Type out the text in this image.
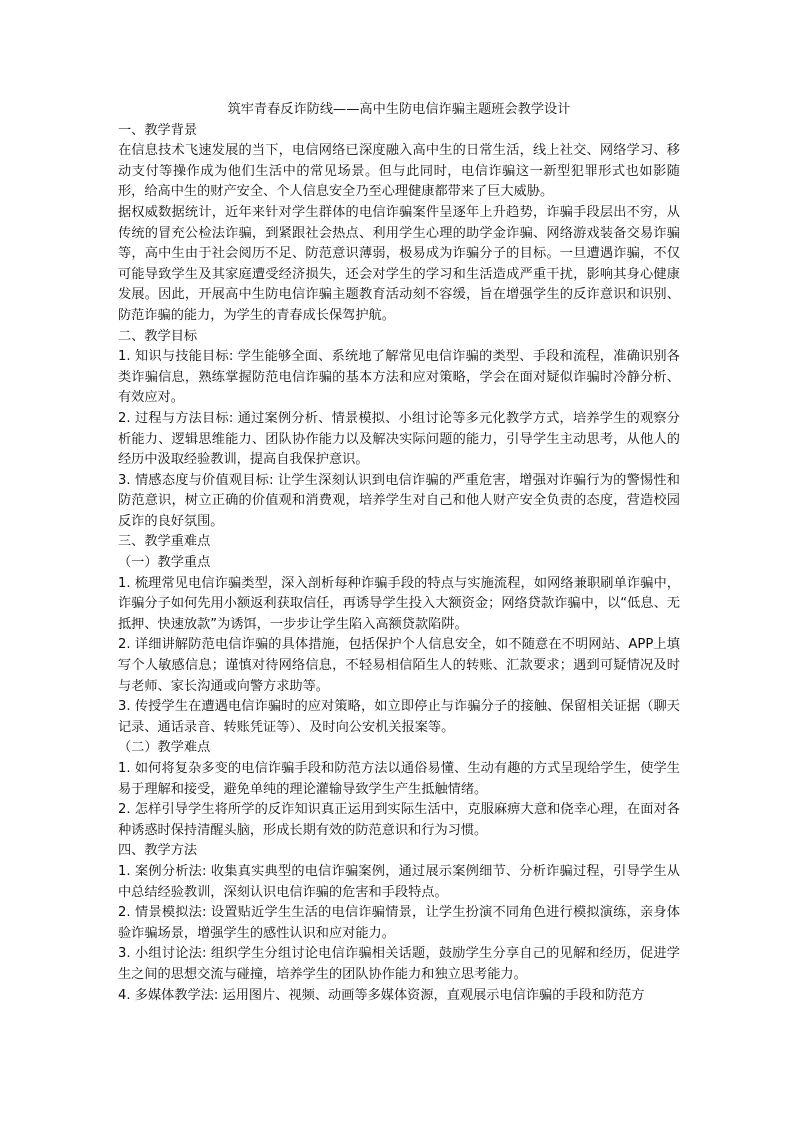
筑牢青春反诈防线——高中生防电信诈骗主题班会教学设计

一、教学背景

在信息技术飞速发展的当下，电信网络已深度融入高中生的日常生活，线上社交、网络学习、移动支付等操作成为他们生活中的常见场景。但与此同时，电信诈骗这一新型犯罪形式也如影随形，给高中生的财产安全、个人信息安全乃至心理健康都带来了巨大威胁。

据权威数据统计，近年来针对学生群体的电信诈骗案件呈逐年上升趋势，诈骗手段层出不穷，从传统的冒充公检法诈骗，到紧跟社会热点、利用学生心理的助学金诈骗、网络游戏装备交易诈骗等，高中生由于社会阅历不足、防范意识薄弱，极易成为诈骗分子的目标。一旦遭遇诈骗，不仅可能导致学生及其家庭遭受经济损失，还会对学生的学习和生活造成严重干扰，影响其身心健康发展。因此，开展高中生防电信诈骗主题教育活动刻不容缓，旨在增强学生的反诈意识和识别、防范诈骗的能力，为学生的青春成长保驾护航。

二、教学目标

1. 知识与技能目标: 学生能够全面、系统地了解常见电信诈骗的类型、手段和流程，准确识别各类诈骗信息，熟练掌握防范电信诈骗的基本方法和应对策略，学会在面对疑似诈骗时冷静分析、有效应对。

2. 过程与方法目标: 通过案例分析、情景模拟、小组讨论等多元化教学方式，培养学生的观察分析能力、逻辑思维能力、团队协作能力以及解决实际问题的能力，引导学生主动思考，从他人的经历中汲取经验教训，提高自我保护意识。

3. 情感态度与价值观目标: 让学生深刻认识到电信诈骗的严重危害，增强对诈骗行为的警惕性和防范意识，树立正确的价值观和消费观，培养学生对自己和他人财产安全负责的态度，营造校园反诈的良好氛围。

三、教学重难点

（一）教学重点

1. 梳理常见电信诈骗类型，深入剖析每种诈骗手段的特点与实施流程，如网络兼职刷单诈骗中，诈骗分子如何先用小额返利获取信任，再诱导学生投入大额资金；网络贷款诈骗中，以“低息、无抵押、快速放款”为诱饵，一步步让学生陷入高额贷款陷阱。

2. 详细讲解防范电信诈骗的具体措施，包括保护个人信息安全，如不随意在不明网站、APP上填写个人敏感信息；谨慎对待网络信息，不轻易相信陌生人的转账、汇款要求；遇到可疑情况及时与老师、家长沟通或向警方求助等。

3. 传授学生在遭遇电信诈骗时的应对策略，如立即停止与诈骗分子的接触、保留相关证据（聊天记录、通话录音、转账凭证等）、及时向公安机关报案等。

（二）教学难点

1. 如何将复杂多变的电信诈骗手段和防范方法以通俗易懂、生动有趣的方式呈现给学生，使学生易于理解和接受，避免单纯的理论灌输导致学生产生抵触情绪。

2. 怎样引导学生将所学的反诈知识真正运用到实际生活中，克服麻痹大意和侥幸心理，在面对各种诱惑时保持清醒头脑，形成长期有效的防范意识和行为习惯。

四、教学方法

1. 案例分析法: 收集真实典型的电信诈骗案例，通过展示案例细节、分析诈骗过程，引导学生从中总结经验教训，深刻认识电信诈骗的危害和手段特点。

2. 情景模拟法: 设置贴近学生生活的电信诈骗情景，让学生扮演不同角色进行模拟演练，亲身体验诈骗场景，增强学生的感性认识和应对能力。

3. 小组讨论法: 组织学生分组讨论电信诈骗相关话题，鼓励学生分享自己的见解和经历，促进学生之间的思想交流与碰撞，培养学生的团队协作能力和独立思考能力。

4. 多媒体教学法: 运用图片、视频、动画等多媒体资源，直观展示电信诈骗的手段和防范方
